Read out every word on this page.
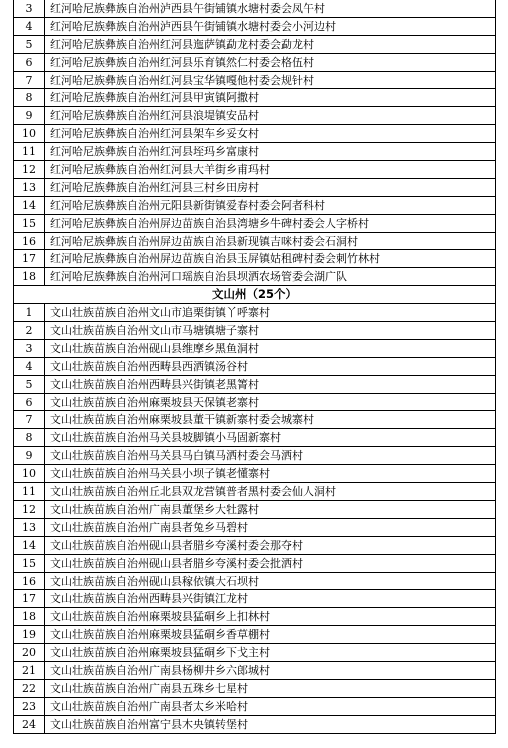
3	红河哈尼族彝族自治州泸西县午街铺镇水塘村委会凤午村
4	红河哈尼族彝族自治州泸西县午街铺镇水塘村委会小河边村
5	红河哈尼族彝族自治州红河县迤萨镇勐龙村委会勐龙村
6	红河哈尼族彝族自治州红河县乐育镇然仁村委会格伍村
7	红河哈尼族彝族自治州红河县宝华镇嘎他村委会规针村
8	红河哈尼族彝族自治州红河县甲寅镇阿撒村
9	红河哈尼族彝族自治州红河县浪堤镇安品村
10	红河哈尼族彝族自治州红河县架车乡妥女村
11	红河哈尼族彝族自治州红河县垤玛乡富康村
12	红河哈尼族彝族自治州红河县大羊街乡甫玛村
13	红河哈尼族彝族自治州红河县三村乡田房村
14	红河哈尼族彝族自治州元阳县新街镇爱春村委会阿者科村
15	红河哈尼族彝族自治州屏边苗族自治县湾塘乡牛碑村委会人字桥村
16	红河哈尼族彝族自治州屏边苗族自治县新现镇吉咪村委会石洞村
17	红河哈尼族彝族自治州屏边苗族自治县玉屏镇姑租碑村委会刺竹林村
18	红河哈尼族彝族自治州河口瑶族自治县坝洒农场管委会湖广队
文山州（25个）
1	文山壮族苗族自治州文山市追栗街镇丫呼寨村
2	文山壮族苗族自治州文山市马塘镇塘子寨村
3	文山壮族苗族自治州砚山县维摩乡黑鱼洞村
4	文山壮族苗族自治州西畴县西洒镇汤谷村
5	文山壮族苗族自治州西畴县兴街镇老黑箐村
6	文山壮族苗族自治州麻栗坡县天保镇老寨村
7	文山壮族苗族自治州麻栗坡县董干镇新寨村委会城寨村
8	文山壮族苗族自治州马关县坡脚镇小马固新寨村
9	文山壮族苗族自治州马关县马白镇马洒村委会马洒村
10	文山壮族苗族自治州马关县小坝子镇老懂寨村
11	文山壮族苗族自治州丘北县双龙营镇普者黑村委会仙人洞村
12	文山壮族苗族自治州广南县董堡乡大牡露村
13	文山壮族苗族自治州广南县者兔乡马碧村
14	文山壮族苗族自治州砚山县者腊乡夸溪村委会那夺村
15	文山壮族苗族自治州砚山县者腊乡夸溪村委会批洒村
16	文山壮族苗族自治州砚山县稼依镇大石坝村
17	文山壮族苗族自治州西畴县兴街镇江龙村
18	文山壮族苗族自治州麻栗坡县猛硐乡上扣林村
19	文山壮族苗族自治州麻栗坡县猛硐乡香草棚村
20	文山壮族苗族自治州麻栗坡县猛硐乡下戈主村
21	文山壮族苗族自治州广南县杨柳井乡六郎城村
22	文山壮族苗族自治州广南县五珠乡七星村
23	文山壮族苗族自治州广南县者太乡米哈村
24	文山壮族苗族自治州富宁县木央镇转堡村
